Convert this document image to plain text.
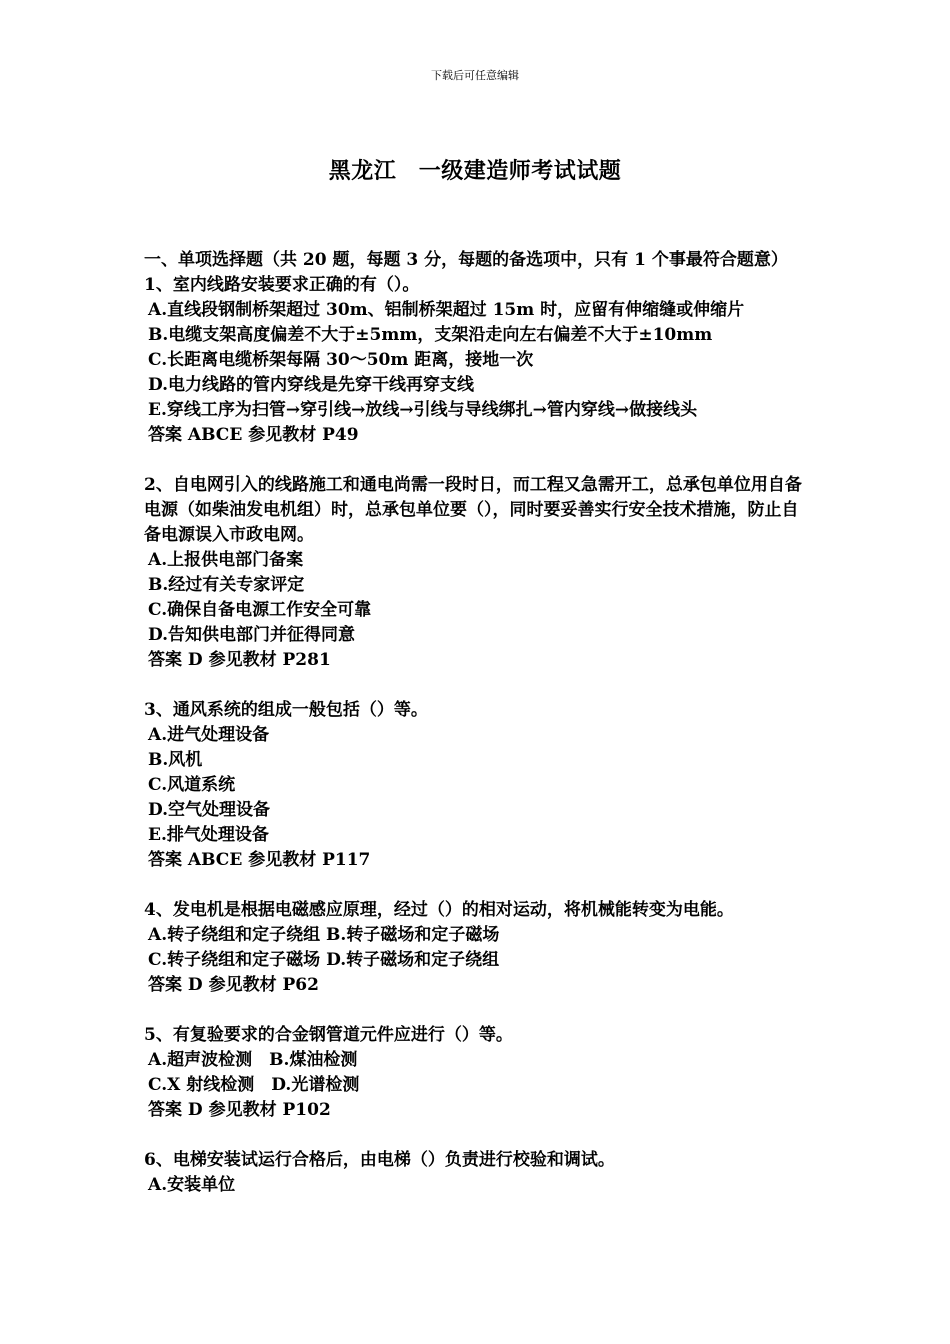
下载后可任意编辑
黑龙江　一级建造师考试试题
一、单项选择题（共 20 题，每题 3 分，每题的备选项中，只有 1 个事最符合题意）
1、室内线路安装要求正确的有（）。
A.直线段钢制桥架超过 30m、铝制桥架超过 15m 时，应留有伸缩缝或伸缩片
B.电缆支架高度偏差不大于±5mm，支架沿走向左右偏差不大于±10mm
C.长距离电缆桥架每隔 30～50m 距离，接地一次
D.电力线路的管内穿线是先穿干线再穿支线
E.穿线工序为扫管→穿引线→放线→引线与导线绑扎→管内穿线→做接线头
答案 ABCE 参见教材 P49
2、自电网引入的线路施工和通电尚需一段时日，而工程又急需开工，总承包单位用自备电源（如柴油发电机组）时，总承包单位要（），同时要妥善实行安全技术措施，防止自备电源误入市政电网。
A.上报供电部门备案
B.经过有关专家评定
C.确保自备电源工作安全可靠
D.告知供电部门并征得同意
答案 D 参见教材 P281
3、通风系统的组成一般包括（）等。
A.进气处理设备
B.风机
C.风道系统
D.空气处理设备
E.排气处理设备
答案 ABCE 参见教材 P117
4、发电机是根据电磁感应原理，经过（）的相对运动，将机械能转变为电能。
A.转子绕组和定子绕组 B.转子磁场和定子磁场
C.转子绕组和定子磁场 D.转子磁场和定子绕组
答案 D 参见教材 P62
5、有复验要求的合金钢管道元件应进行（）等。
A.超声波检测　B.煤油检测
C.X 射线检测　D.光谱检测
答案 D 参见教材 P102
6、电梯安装试运行合格后，由电梯（）负责进行校验和调试。
A.安装单位
